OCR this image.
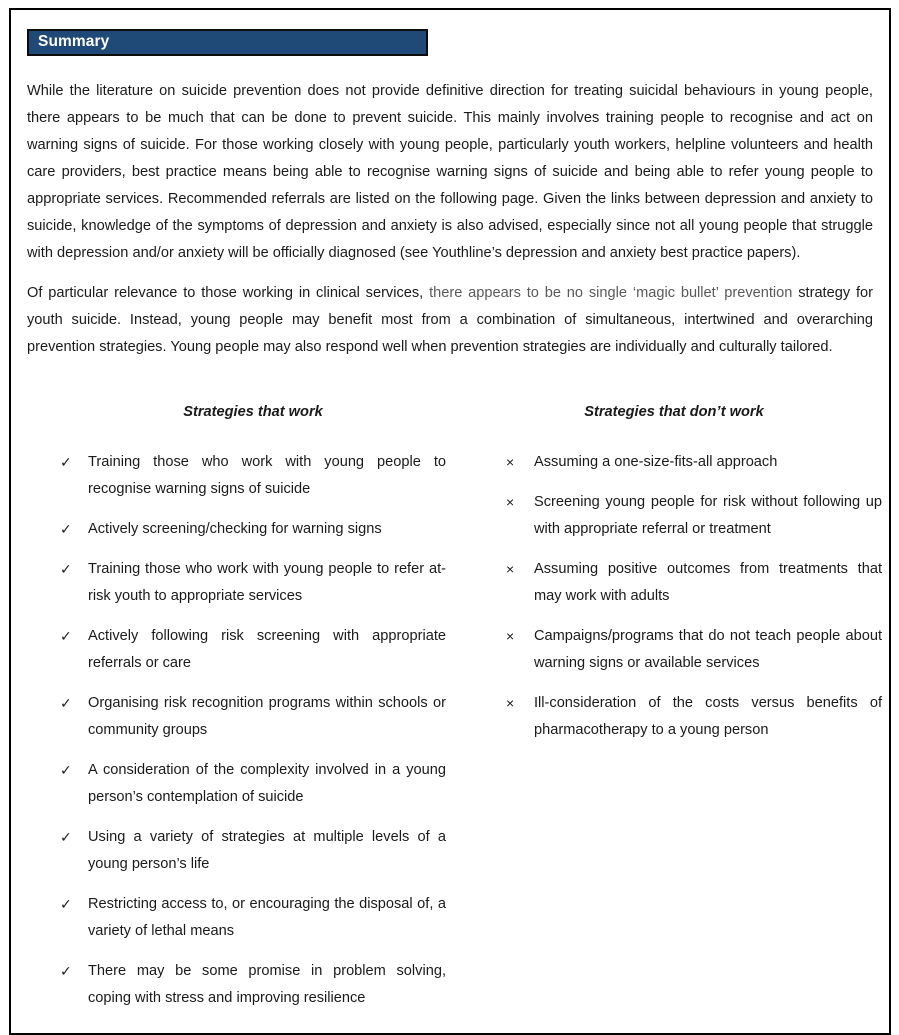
Summary

While the literature on suicide prevention does not provide definitive direction for treating suicidal behaviours in young people, there appears to be much that can be done to prevent suicide. This mainly involves training people to recognise and act on warning signs of suicide. For those working closely with young people, particularly youth workers, helpline volunteers and health care providers, best practice means being able to recognise warning signs of suicide and being able to refer young people to appropriate services. Recommended referrals are listed on the following page. Given the links between depression and anxiety to suicide, knowledge of the symptoms of depression and anxiety is also advised, especially since not all young people that struggle with depression and/or anxiety will be officially diagnosed (see Youthline’s depression and anxiety best practice papers).

Of particular relevance to those working in clinical services, there appears to be no single ‘magic bullet’ prevention strategy for youth suicide. Instead, young people may benefit most from a combination of simultaneous, intertwined and overarching prevention strategies. Young people may also respond well when prevention strategies are individually and culturally tailored.

Strategies that work
✓	Training those who work with young people to recognise warning signs of suicide
✓	Actively screening/checking for warning signs
✓	Training those who work with young people to refer at-risk youth to appropriate services
✓	Actively following risk screening with appropriate referrals or care
✓	Organising risk recognition programs within schools or community groups
✓	A consideration of the complexity involved in a young person’s contemplation of suicide
✓	Using a variety of strategies at multiple levels of a young person’s life
✓	Restricting access to, or encouraging the disposal of, a variety of lethal means
✓	There may be some promise in problem solving, coping with stress and improving resilience
Strategies that don’t work
×	Assuming a one-size-fits-all approach
×	Screening young people for risk without following up with appropriate referral or treatment
×	Assuming positive outcomes from treatments that may work with adults
×	Campaigns/programs that do not teach people about warning signs or available services
×	Ill-consideration of the costs versus benefits of pharmacotherapy to a young person
